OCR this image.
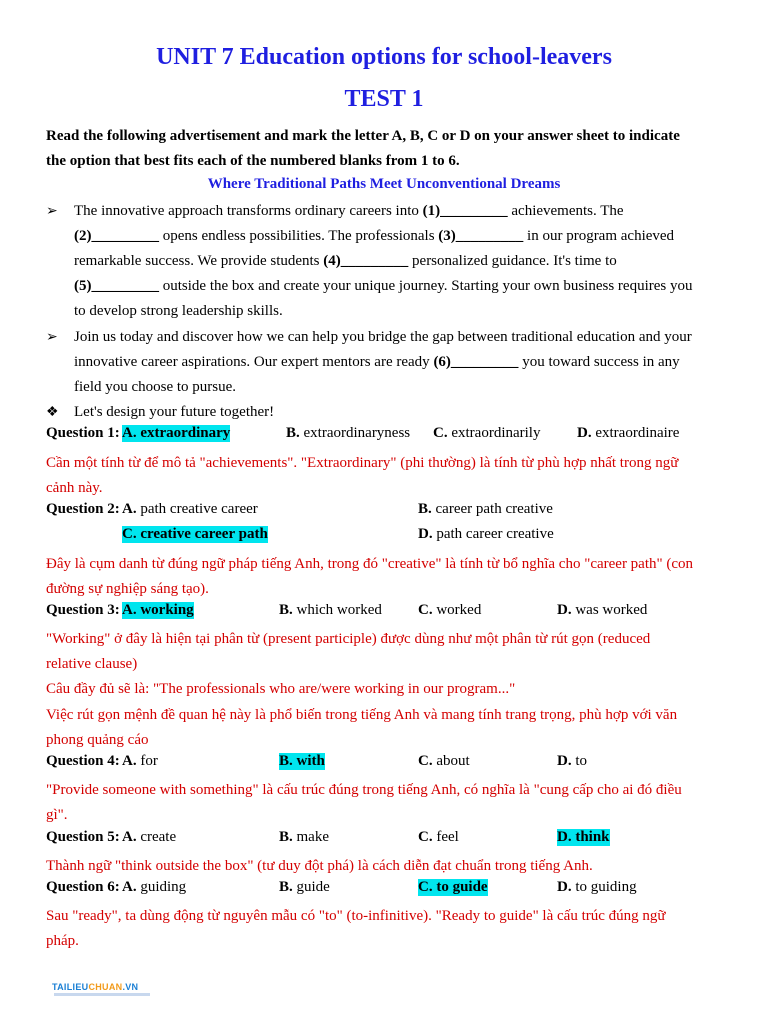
UNIT 7 Education options for school-leavers
TEST 1
Read the following advertisement and mark the letter A, B, C or D on your answer sheet to indicate
the option that best fits each of the numbered blanks from 1 to 6.
Where Traditional Paths Meet Unconventional Dreams
➢ The innovative approach transforms ordinary careers into (1)_________ achievements. The
(2)_________ opens endless possibilities. The professionals (3)_________ in our program achieved
remarkable success. We provide students (4)_________ personalized guidance. It's time to
(5)_________ outside the box and create your unique journey. Starting your own business requires you
to develop strong leadership skills.
➢ Join us today and discover how we can help you bridge the gap between traditional education and your
innovative career aspirations. Our expert mentors are ready (6)_________ you toward success in any
field you choose to pursue.
❖ Let's design your future together!
Question 1: A. extraordinary	B. extraordinaryness C. extraordinarily D. extraordinaire
Cần một tính từ để mô tả "achievements". "Extraordinary" (phi thường) là tính từ phù hợp nhất trong ngữ
cảnh này.
Question 2: A. path creative career	B. career path creative
C. creative career path	D. path career creative
Đây là cụm danh từ đúng ngữ pháp tiếng Anh, trong đó "creative" là tính từ bổ nghĩa cho "career path" (con
đường sự nghiệp sáng tạo).
Question 3: A. working	B. which worked C. worked	D. was worked
"Working" ở đây là hiện tại phân từ (present participle) được dùng như một phân từ rút gọn (reduced
relative clause)
Câu đầy đủ sẽ là: "The professionals who are/were working in our program..."
Việc rút gọn mệnh đề quan hệ này là phổ biến trong tiếng Anh và mang tính trang trọng, phù hợp với văn
phong quảng cáo
Question 4: A. for	B. with	C. about	D. to
"Provide someone with something" là cấu trúc đúng trong tiếng Anh, có nghĩa là "cung cấp cho ai đó điều
gì".
Question 5: A. create	B. make	C. feel	D. think
Thành ngữ "think outside the box" (tư duy đột phá) là cách diễn đạt chuẩn trong tiếng Anh.
Question 6: A. guiding	B. guide	C. to guide	D. to guiding
Sau "ready", ta dùng động từ nguyên mẫu có "to" (to-infinitive). "Ready to guide" là cấu trúc đúng ngữ
pháp.
TAILIEUCHUAN.VN
